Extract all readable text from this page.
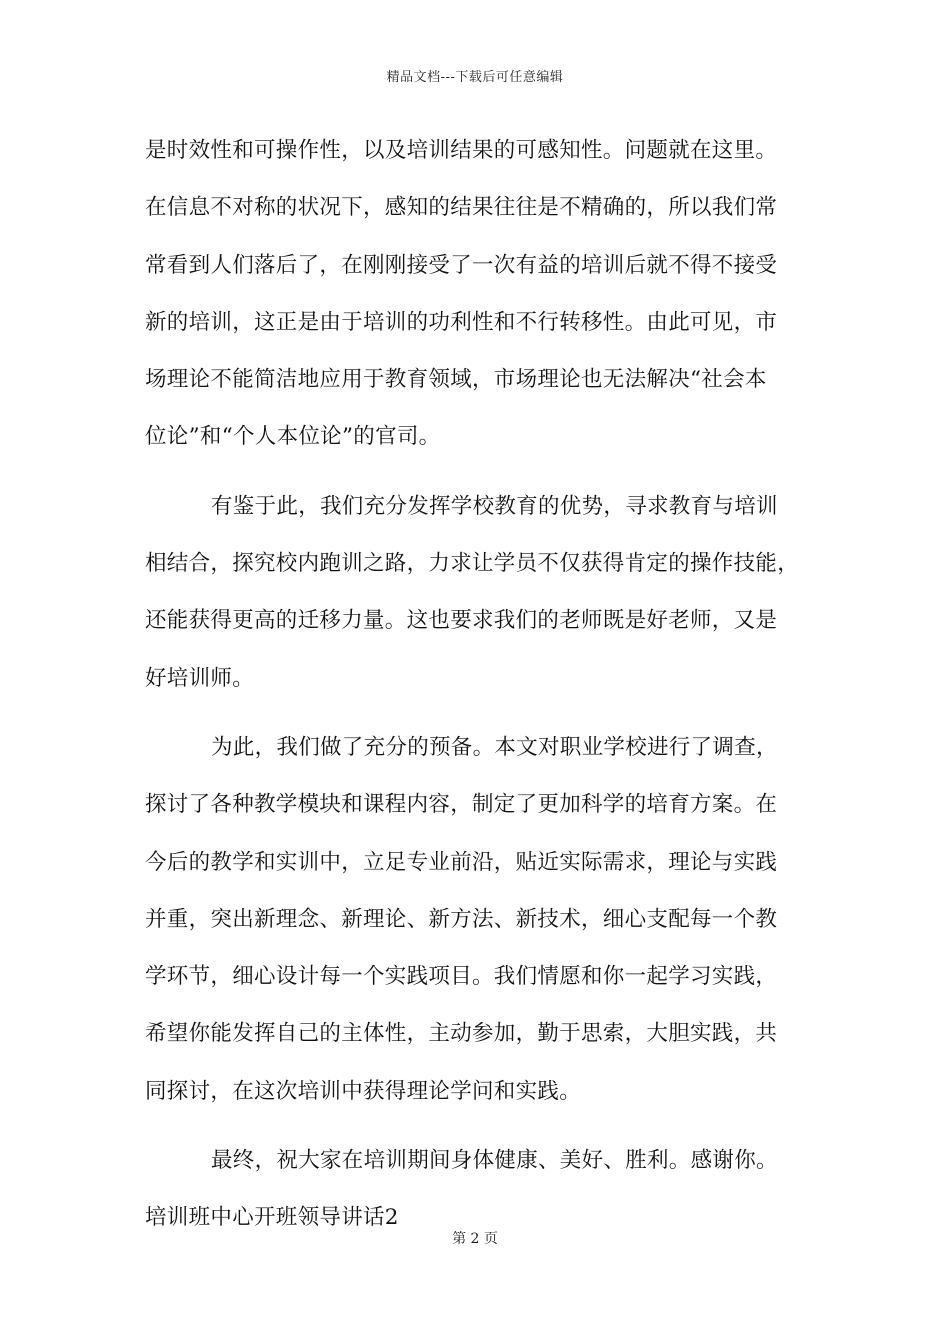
精品文档---下载后可任意编辑
是时效性和可操作性，以及培训结果的可感知性。问题就在这里。
在信息不对称的状况下，感知的结果往往是不精确的，所以我们常
常看到人们落后了，在刚刚接受了一次有益的培训后就不得不接受
新的培训，这正是由于培训的功利性和不行转移性。由此可见，市
场理论不能简洁地应用于教育领域，市场理论也无法解决“社会本
位论”和“个人本位论”的官司。
有鉴于此，我们充分发挥学校教育的优势，寻求教育与培训
相结合，探究校内跑训之路，力求让学员不仅获得肯定的操作技能，
还能获得更高的迁移力量。这也要求我们的老师既是好老师，又是
好培训师。
为此，我们做了充分的预备。本文对职业学校进行了调查，
探讨了各种教学模块和课程内容，制定了更加科学的培育方案。在
今后的教学和实训中，立足专业前沿，贴近实际需求，理论与实践
并重，突出新理念、新理论、新方法、新技术，细心支配每一个教
学环节，细心设计每一个实践项目。我们情愿和你一起学习实践，
希望你能发挥自己的主体性，主动参加，勤于思索，大胆实践，共
同探讨，在这次培训中获得理论学问和实践。
最终，祝大家在培训期间身体健康、美好、胜利。感谢你。
培训班中心开班领导讲话2
第 2 页
